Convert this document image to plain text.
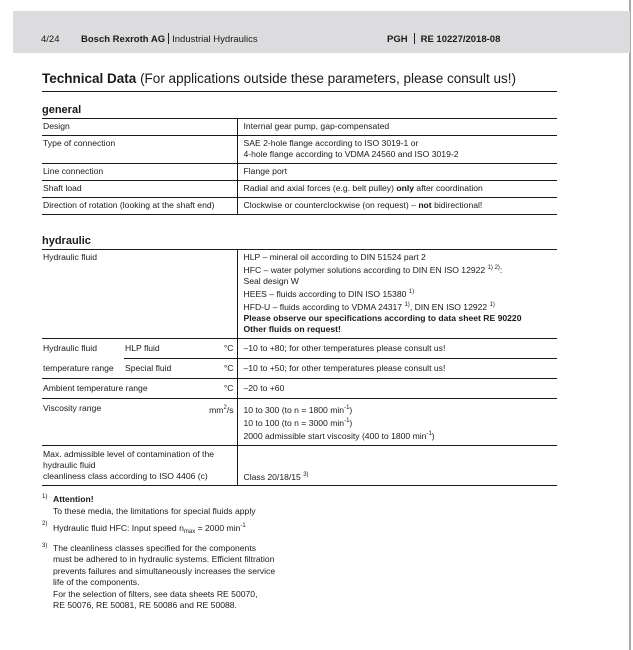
4/24 Bosch Rexroth AG Industrial Hydraulics	PGH RE 10227/2018-08
Technical Data (For applications outside these parameters, please consult us!)
general
Design	Internal gear pump, gap-compensated
Type of connection	SAE 2-hole flange according to ISO 3019-1 or
4-hole flange according to VDMA 24560 and ISO 3019-2

Line connection	Flange port
Shaft load	Radial and axial forces (e.g. belt pulley) only after coordination
Direction of rotation (looking at the shaft end)	Clockwise or counterclockwise (on request) – not bidirectional!
hydraulic
Hydraulic fluid	HLP – mineral oil according to DIN 51524 part 2
HFC – water polymer solutions according to DIN EN ISO 12922 $^{1) 2)}$:
Seal design W
HEES – fluids according to DIN ISO 15380 $^{1)}$
HFD-U – fluids according to VDMA 24317 $^{1)}$, DIN EN ISO 12922 $^{1)}$
Please observe our specifications according to data sheet RE 90220
Other fluids on request!

Hydraulic fluid	HLP fluid	°C	–10 to +80; for other temperatures please consult us!
temperature range	Special fluid	°C	–10 to +50; for other temperatures please consult us!
Ambient temperature range		°C	–20 to +60
Viscosity range		$mm^2/s$	10 to 300 (to n = 1800 $\min^{-1}$)
10 to 100 (to n = 3000 $\min^{-1}$)
2000 admissible start viscosity (400 to 1800 $\min^{-1}$)

Max. admissible level of contamination of the
hydraulic fluid
cleanliness class according to ISO 4406 (c)			Class 20/18/15 $^{3)}$
1) Attention!
To these media, the limitations for special fluids apply
2) Hydraulic fluid HFC: Input speed $n_{max} = 2000$ $\min^{-1}$
3) The cleanliness classes specified for the components
must be adhered to in hydraulic systems. Efficient filtration
prevents failures and simultaneously increases the service
life of the components.
For the selection of filters, see data sheets RE 50070,
RE 50076, RE 50081, RE 50086 and RE 50088.
